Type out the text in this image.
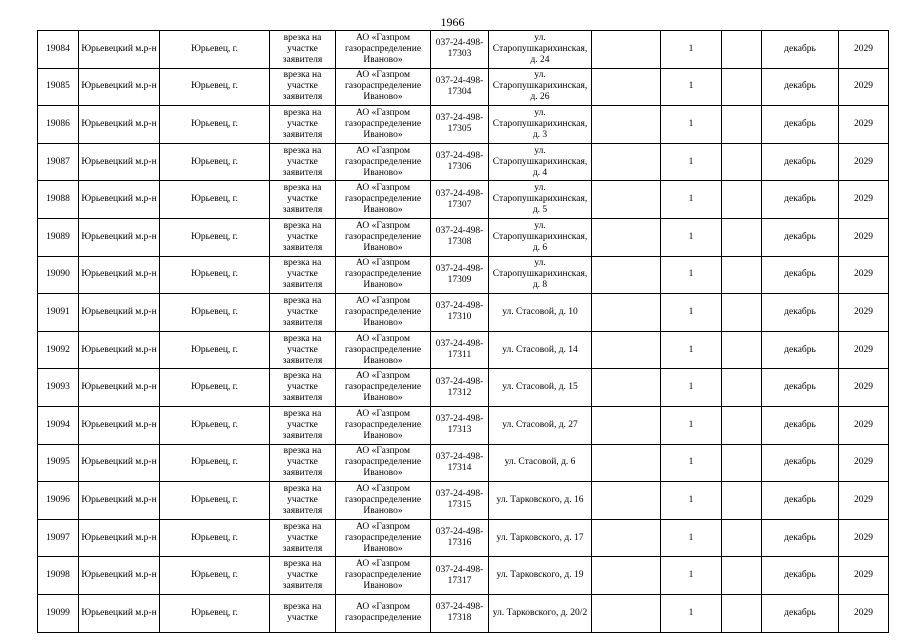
1966
19084	Юрьевецкий м.р-н	Юрьевец, г.	врезка на участке заявителя	АО «Газпром газораспределение Иваново»	037-24-498-17303	ул. Старопушкарихинская, д. 24		1		декабрь	2029
19085	Юрьевецкий м.р-н	Юрьевец, г.	врезка на участке заявителя	АО «Газпром газораспределение Иваново»	037-24-498-17304	ул. Старопушкарихинская, д. 26		1		декабрь	2029
19086	Юрьевецкий м.р-н	Юрьевец, г.	врезка на участке заявителя	АО «Газпром газораспределение Иваново»	037-24-498-17305	ул. Старопушкарихинская, д. 3		1		декабрь	2029
19087	Юрьевецкий м.р-н	Юрьевец, г.	врезка на участке заявителя	АО «Газпром газораспределение Иваново»	037-24-498-17306	ул. Старопушкарихинская, д. 4		1		декабрь	2029
19088	Юрьевецкий м.р-н	Юрьевец, г.	врезка на участке заявителя	АО «Газпром газораспределение Иваново»	037-24-498-17307	ул. Старопушкарихинская, д. 5		1		декабрь	2029
19089	Юрьевецкий м.р-н	Юрьевец, г.	врезка на участке заявителя	АО «Газпром газораспределение Иваново»	037-24-498-17308	ул. Старопушкарихинская, д. 6		1		декабрь	2029
19090	Юрьевецкий м.р-н	Юрьевец, г.	врезка на участке заявителя	АО «Газпром газораспределение Иваново»	037-24-498-17309	ул. Старопушкарихинская, д. 8		1		декабрь	2029
19091	Юрьевецкий м.р-н	Юрьевец, г.	врезка на участке заявителя	АО «Газпром газораспределение Иваново»	037-24-498-17310	ул. Стасовой, д. 10		1		декабрь	2029
19092	Юрьевецкий м.р-н	Юрьевец, г.	врезка на участке заявителя	АО «Газпром газораспределение Иваново»	037-24-498-17311	ул. Стасовой, д. 14		1		декабрь	2029
19093	Юрьевецкий м.р-н	Юрьевец, г.	врезка на участке заявителя	АО «Газпром газораспределение Иваново»	037-24-498-17312	ул. Стасовой, д. 15		1		декабрь	2029
19094	Юрьевецкий м.р-н	Юрьевец, г.	врезка на участке заявителя	АО «Газпром газораспределение Иваново»	037-24-498-17313	ул. Стасовой, д. 27		1		декабрь	2029
19095	Юрьевецкий м.р-н	Юрьевец, г.	врезка на участке заявителя	АО «Газпром газораспределение Иваново»	037-24-498-17314	ул. Стасовой, д. 6		1		декабрь	2029
19096	Юрьевецкий м.р-н	Юрьевец, г.	врезка на участке заявителя	АО «Газпром газораспределение Иваново»	037-24-498-17315	ул. Тарковского, д. 16		1		декабрь	2029
19097	Юрьевецкий м.р-н	Юрьевец, г.	врезка на участке заявителя	АО «Газпром газораспределение Иваново»	037-24-498-17316	ул. Тарковского, д. 17		1		декабрь	2029
19098	Юрьевецкий м.р-н	Юрьевец, г.	врезка на участке заявителя	АО «Газпром газораспределение Иваново»	037-24-498-17317	ул. Тарковского, д. 19		1		декабрь	2029
19099	Юрьевецкий м.р-н	Юрьевец, г.	врезка на участке	АО «Газпром газораспределение	037-24-498-17318	ул. Тарковского, д. 20/2		1		декабрь	2029
